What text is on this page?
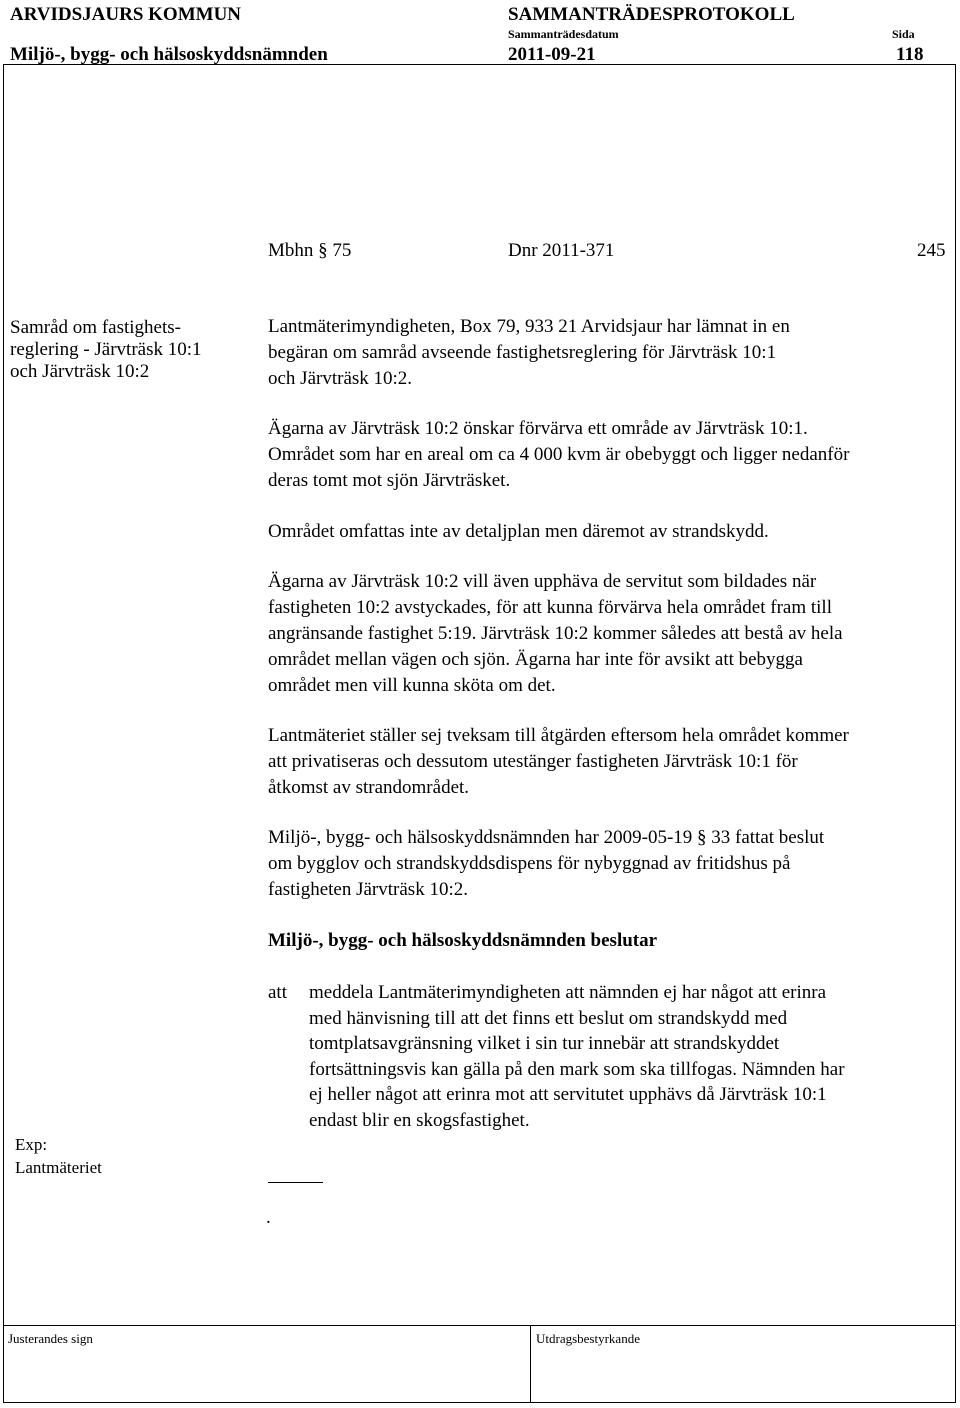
ARVIDSJAURS KOMMUN	SAMMANTRÄDESPROTOKOLL
Sammanträdesdatum	Sida
Miljö-, bygg- och hälsoskyddsnämnden	2011-09-21	118
Mbhn § 75	Dnr 2011-371	245
Samråd om fastighets-
reglering - Järvträsk 10:1
och Järvträsk 10:2
Lantmäterimyndigheten, Box 79, 933 21 Arvidsjaur har lämnat in en
begäran om samråd avseende fastighetsreglering för Järvträsk 10:1
och Järvträsk 10:2.
Ägarna av Järvträsk 10:2 önskar förvärva ett område av Järvträsk 10:1.
Området som har en areal om ca 4 000 kvm är obebyggt och ligger nedanför
deras tomt mot sjön Järvträsket.
Området omfattas inte av detaljplan men däremot av strandskydd.
Ägarna av Järvträsk 10:2 vill även upphäva de servitut som bildades när
fastigheten 10:2 avstyckades, för att kunna förvärva hela området fram till
angränsande fastighet 5:19. Järvträsk 10:2 kommer således att bestå av hela
området mellan vägen och sjön. Ägarna har inte för avsikt att bebygga
området men vill kunna sköta om det.
Lantmäteriet ställer sej tveksam till åtgärden eftersom hela området kommer
att privatiseras och dessutom utestänger fastigheten Järvträsk 10:1 för
åtkomst av strandområdet.
Miljö-, bygg- och hälsoskyddsnämnden har 2009-05-19 § 33 fattat beslut
om bygglov och strandskyddsdispens för nybyggnad av fritidshus på
fastigheten Järvträsk 10:2.
Miljö-, bygg- och hälsoskyddsnämnden beslutar
att meddela Lantmäterimyndigheten att nämnden ej har något att erinra
med hänvisning till att det finns ett beslut om strandskydd med
tomtplatsavgränsning vilket i sin tur innebär att strandskyddet
fortsättningsvis kan gälla på den mark som ska tillfogas. Nämnden har
ej heller något att erinra mot att servitutet upphävs då Järvträsk 10:1
endast blir en skogsfastighet.
Exp:
Lantmäteriet
.
Justerandes sign	Utdragsbestyrkande
